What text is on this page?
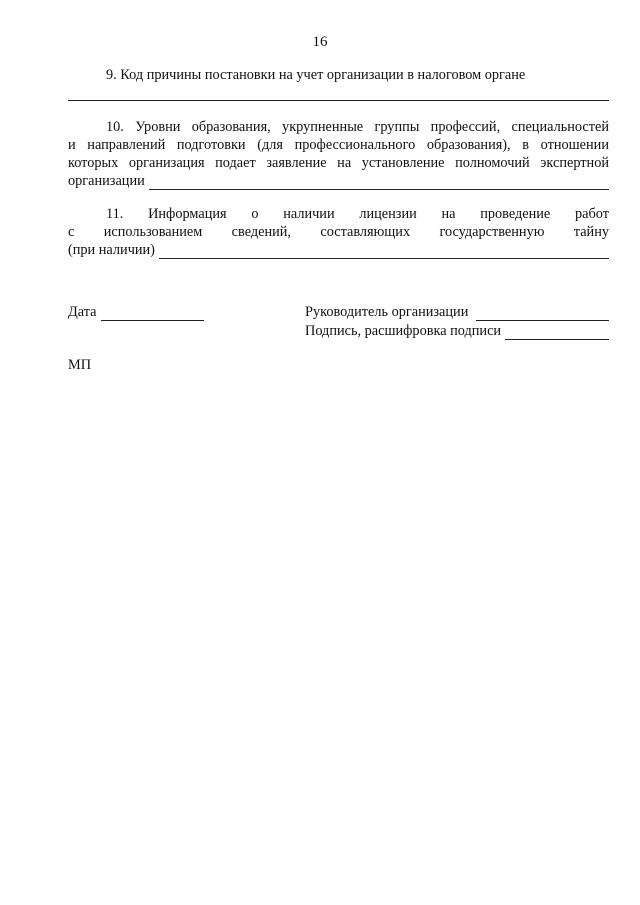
16
9. Код причины постановки на учет организации в налоговом органе
10. Уровни образования, укрупненные группы профессий, специальностей
и направлений подготовки (для профессионального образования), в отношении
которых организация подает заявление на установление полномочий экспертной
организации
11. Информация о наличии лицензии на проведение работ
с использованием сведений, составляющих государственную тайну
(при наличии)
Дата	Руководитель организации
Подпись, расшифровка подписи
МП
